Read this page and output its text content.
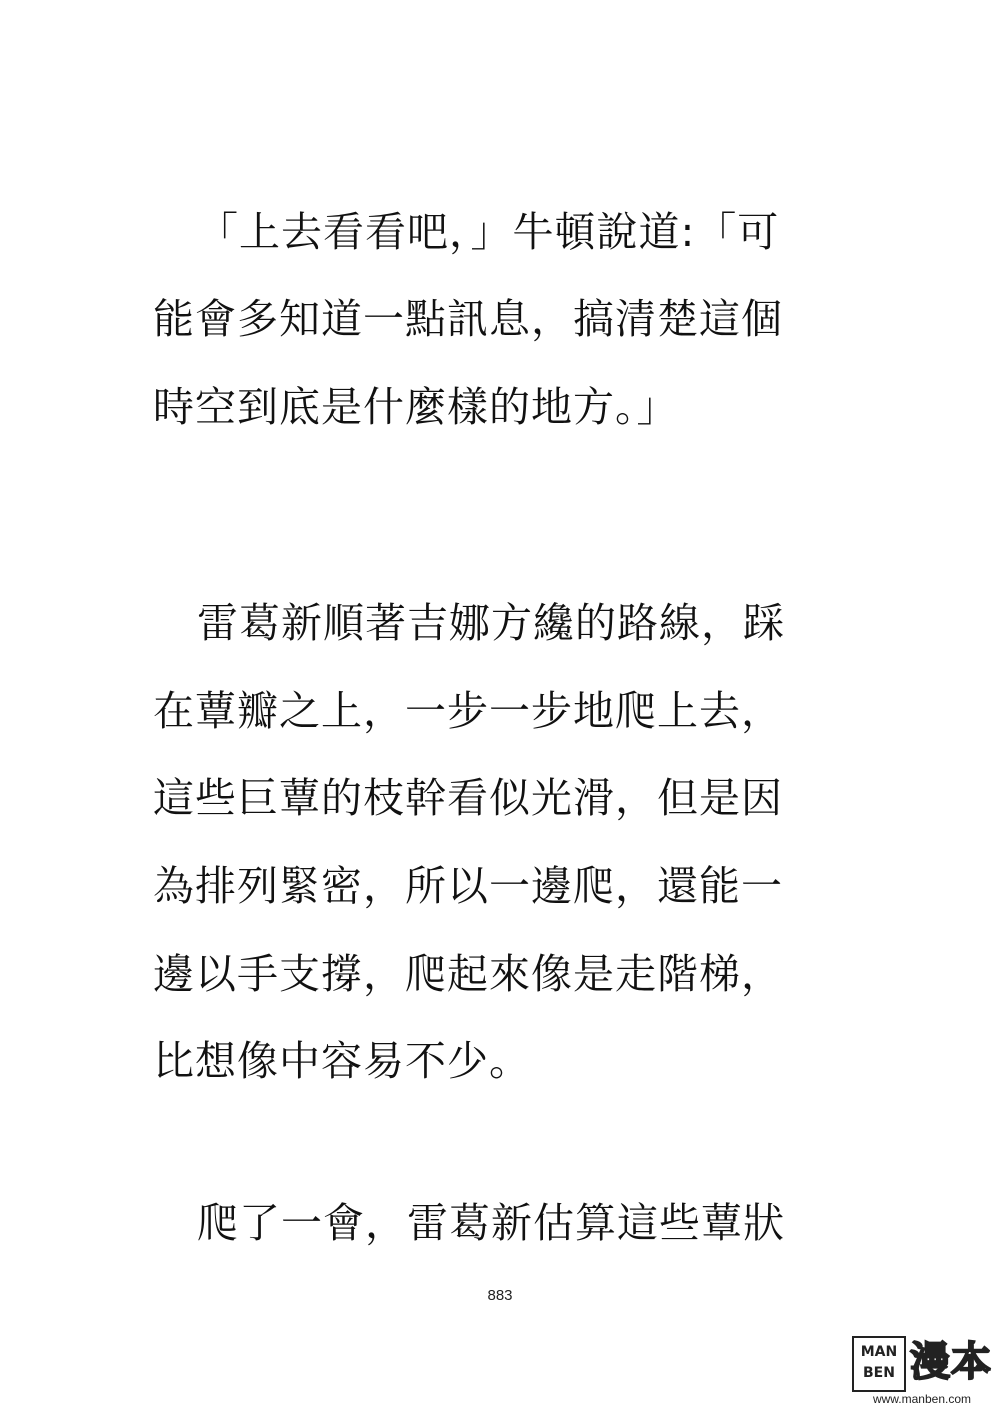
「上去看看吧，」牛頓說道:「可
能會多知道一點訊息，搞清楚這個
時空到底是什麼樣的地方。」
雷葛新順著吉娜方纔的路線，踩
在蕈瓣之上，一步一步地爬上去，
這些巨蕈的枝幹看似光滑，但是因
為排列緊密，所以一邊爬，還能一
邊以手支撐，爬起來像是走階梯，
比想像中容易不少。
爬了一會，雷葛新估算這些蕈狀
883
MAN
BEN 漫本
www.manben.com
